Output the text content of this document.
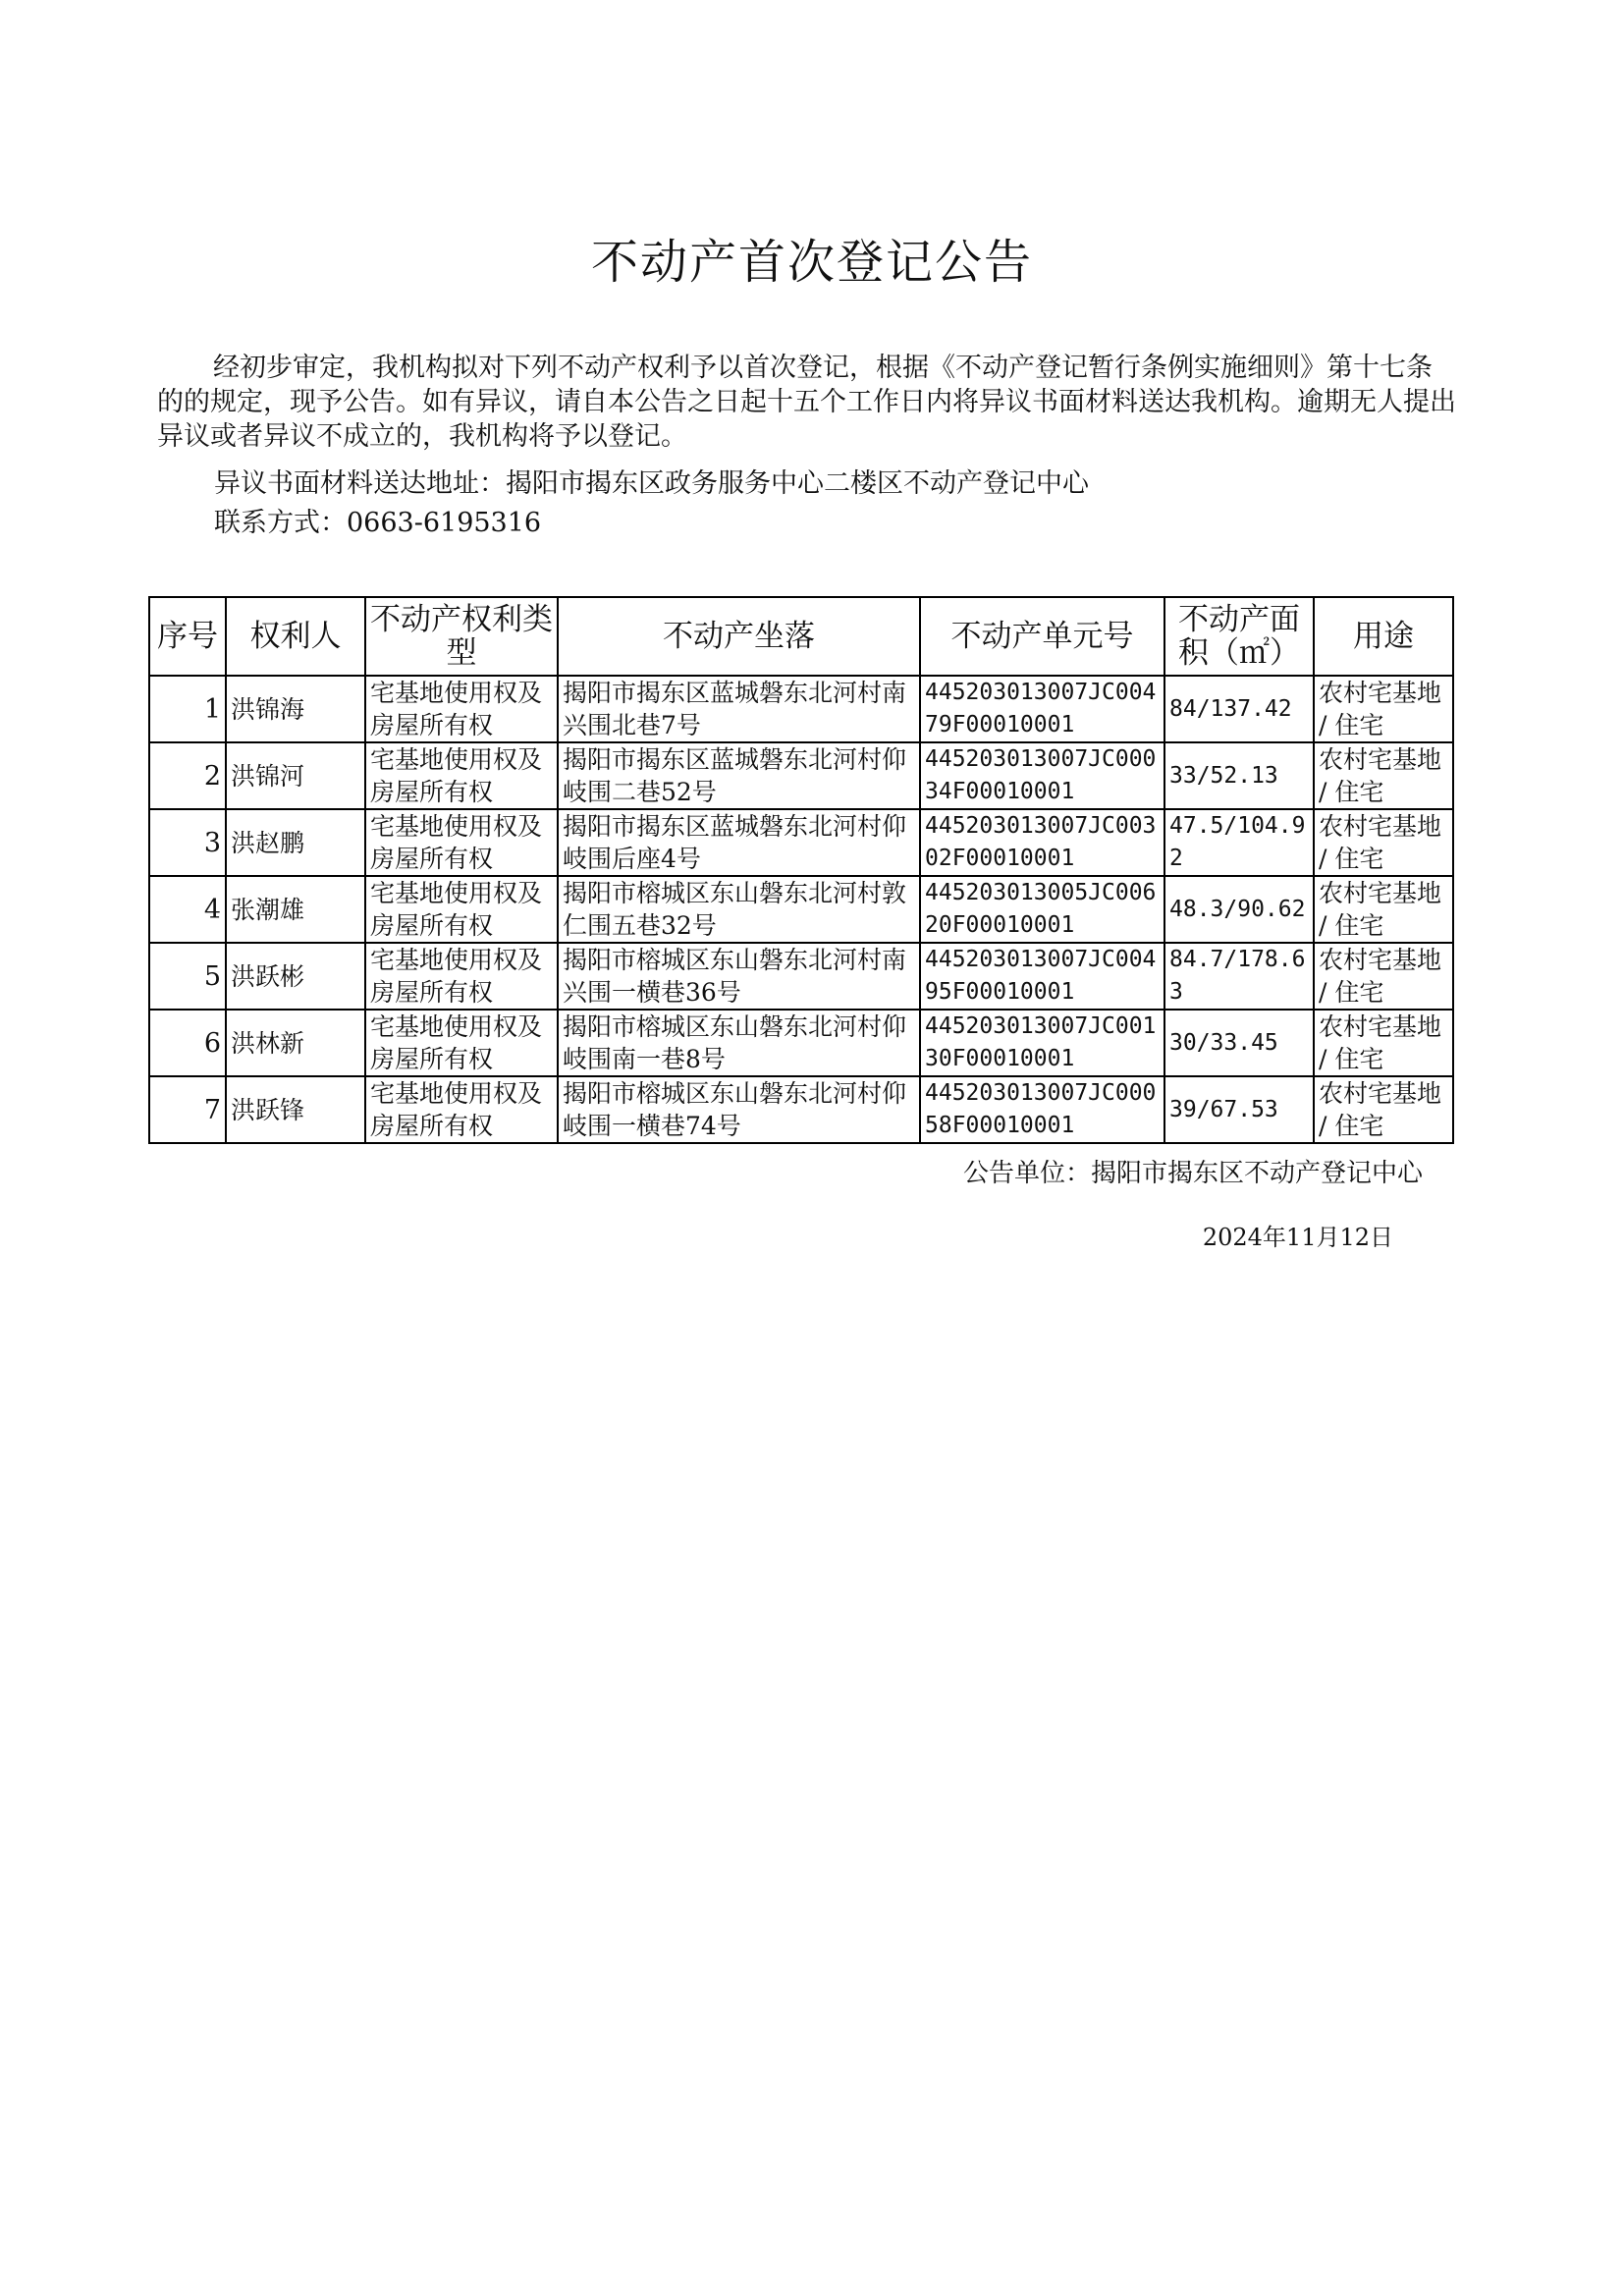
不动产首次登记公告
经初步审定，我机构拟对下列不动产权利予以首次登记，根据《不动产登记暂行条例实施细则》第十七条的的规定，现予公告。如有异议，请自本公告之日起十五个工作日内将异议书面材料送达我机构。逾期无人提出异议或者异议不成立的，我机构将予以登记。
异议书面材料送达地址：揭阳市揭东区政务服务中心二楼区不动产登记中心
联系方式：0663-6195316
序号	权利人	不动产权利类型	不动产坐落	不动产单元号	不动产面积（㎡）	用途
1	洪锦海	宅基地使用权及房屋所有权	揭阳市揭东区蓝城磐东北河村南兴围北巷7号	445203013007JC00479F00010001	84/137.42	农村宅基地 / 住宅
2	洪锦河	宅基地使用权及房屋所有权	揭阳市揭东区蓝城磐东北河村仰岐围二巷52号	445203013007JC00034F00010001	33/52.13	农村宅基地 / 住宅
3	洪赵鹏	宅基地使用权及房屋所有权	揭阳市揭东区蓝城磐东北河村仰岐围后座4号	445203013007JC00302F00010001	47.5/104.92	农村宅基地 / 住宅
4	张潮雄	宅基地使用权及房屋所有权	揭阳市榕城区东山磐东北河村敦仁围五巷32号	445203013005JC00620F00010001	48.3/90.62	农村宅基地 / 住宅
5	洪跃彬	宅基地使用权及房屋所有权	揭阳市榕城区东山磐东北河村南兴围一横巷36号	445203013007JC00495F00010001	84.7/178.63	农村宅基地 / 住宅
6	洪林新	宅基地使用权及房屋所有权	揭阳市榕城区东山磐东北河村仰岐围南一巷8号	445203013007JC00130F00010001	30/33.45	农村宅基地 / 住宅
7	洪跃锋	宅基地使用权及房屋所有权	揭阳市榕城区东山磐东北河村仰岐围一横巷74号	445203013007JC00058F00010001	39/67.53	农村宅基地 / 住宅
公告单位：揭阳市揭东区不动产登记中心
2024年11月12日
